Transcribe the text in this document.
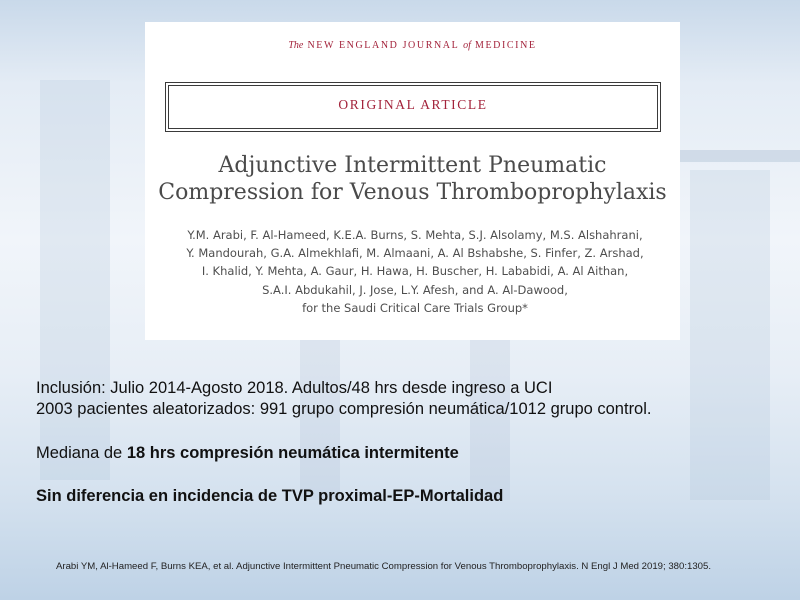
The NEW ENGLAND JOURNAL of MEDICINE
ORIGINAL ARTICLE
Adjunctive Intermittent Pneumatic
Compression for Venous Thromboprophylaxis
Y.M. Arabi, F. Al-Hameed, K.E.A. Burns, S. Mehta, S.J. Alsolamy, M.S. Alshahrani,
Y. Mandourah, G.A. Almekhlafi, M. Almaani, A. Al Bshabshe, S. Finfer, Z. Arshad,
I. Khalid, Y. Mehta, A. Gaur, H. Hawa, H. Buscher, H. Lababidi, A. Al Aithan,
S.A.I. Abdukahil, J. Jose, L.Y. Afesh, and A. Al-Dawood,
for the Saudi Critical Care Trials Group*
Inclusión: Julio 2014-Agosto 2018. Adultos/48 hrs desde ingreso a UCI
2003 pacientes aleatorizados: 991 grupo compresión neumática/1012 grupo control.
Mediana de 18 hrs compresión neumática intermitente
Sin diferencia en incidencia de TVP proximal-EP-Mortalidad
Arabi YM, Al-Hameed F, Burns KEA, et al. Adjunctive Intermittent Pneumatic Compression for Venous Thromboprophylaxis. N Engl J Med 2019; 380:1305.
